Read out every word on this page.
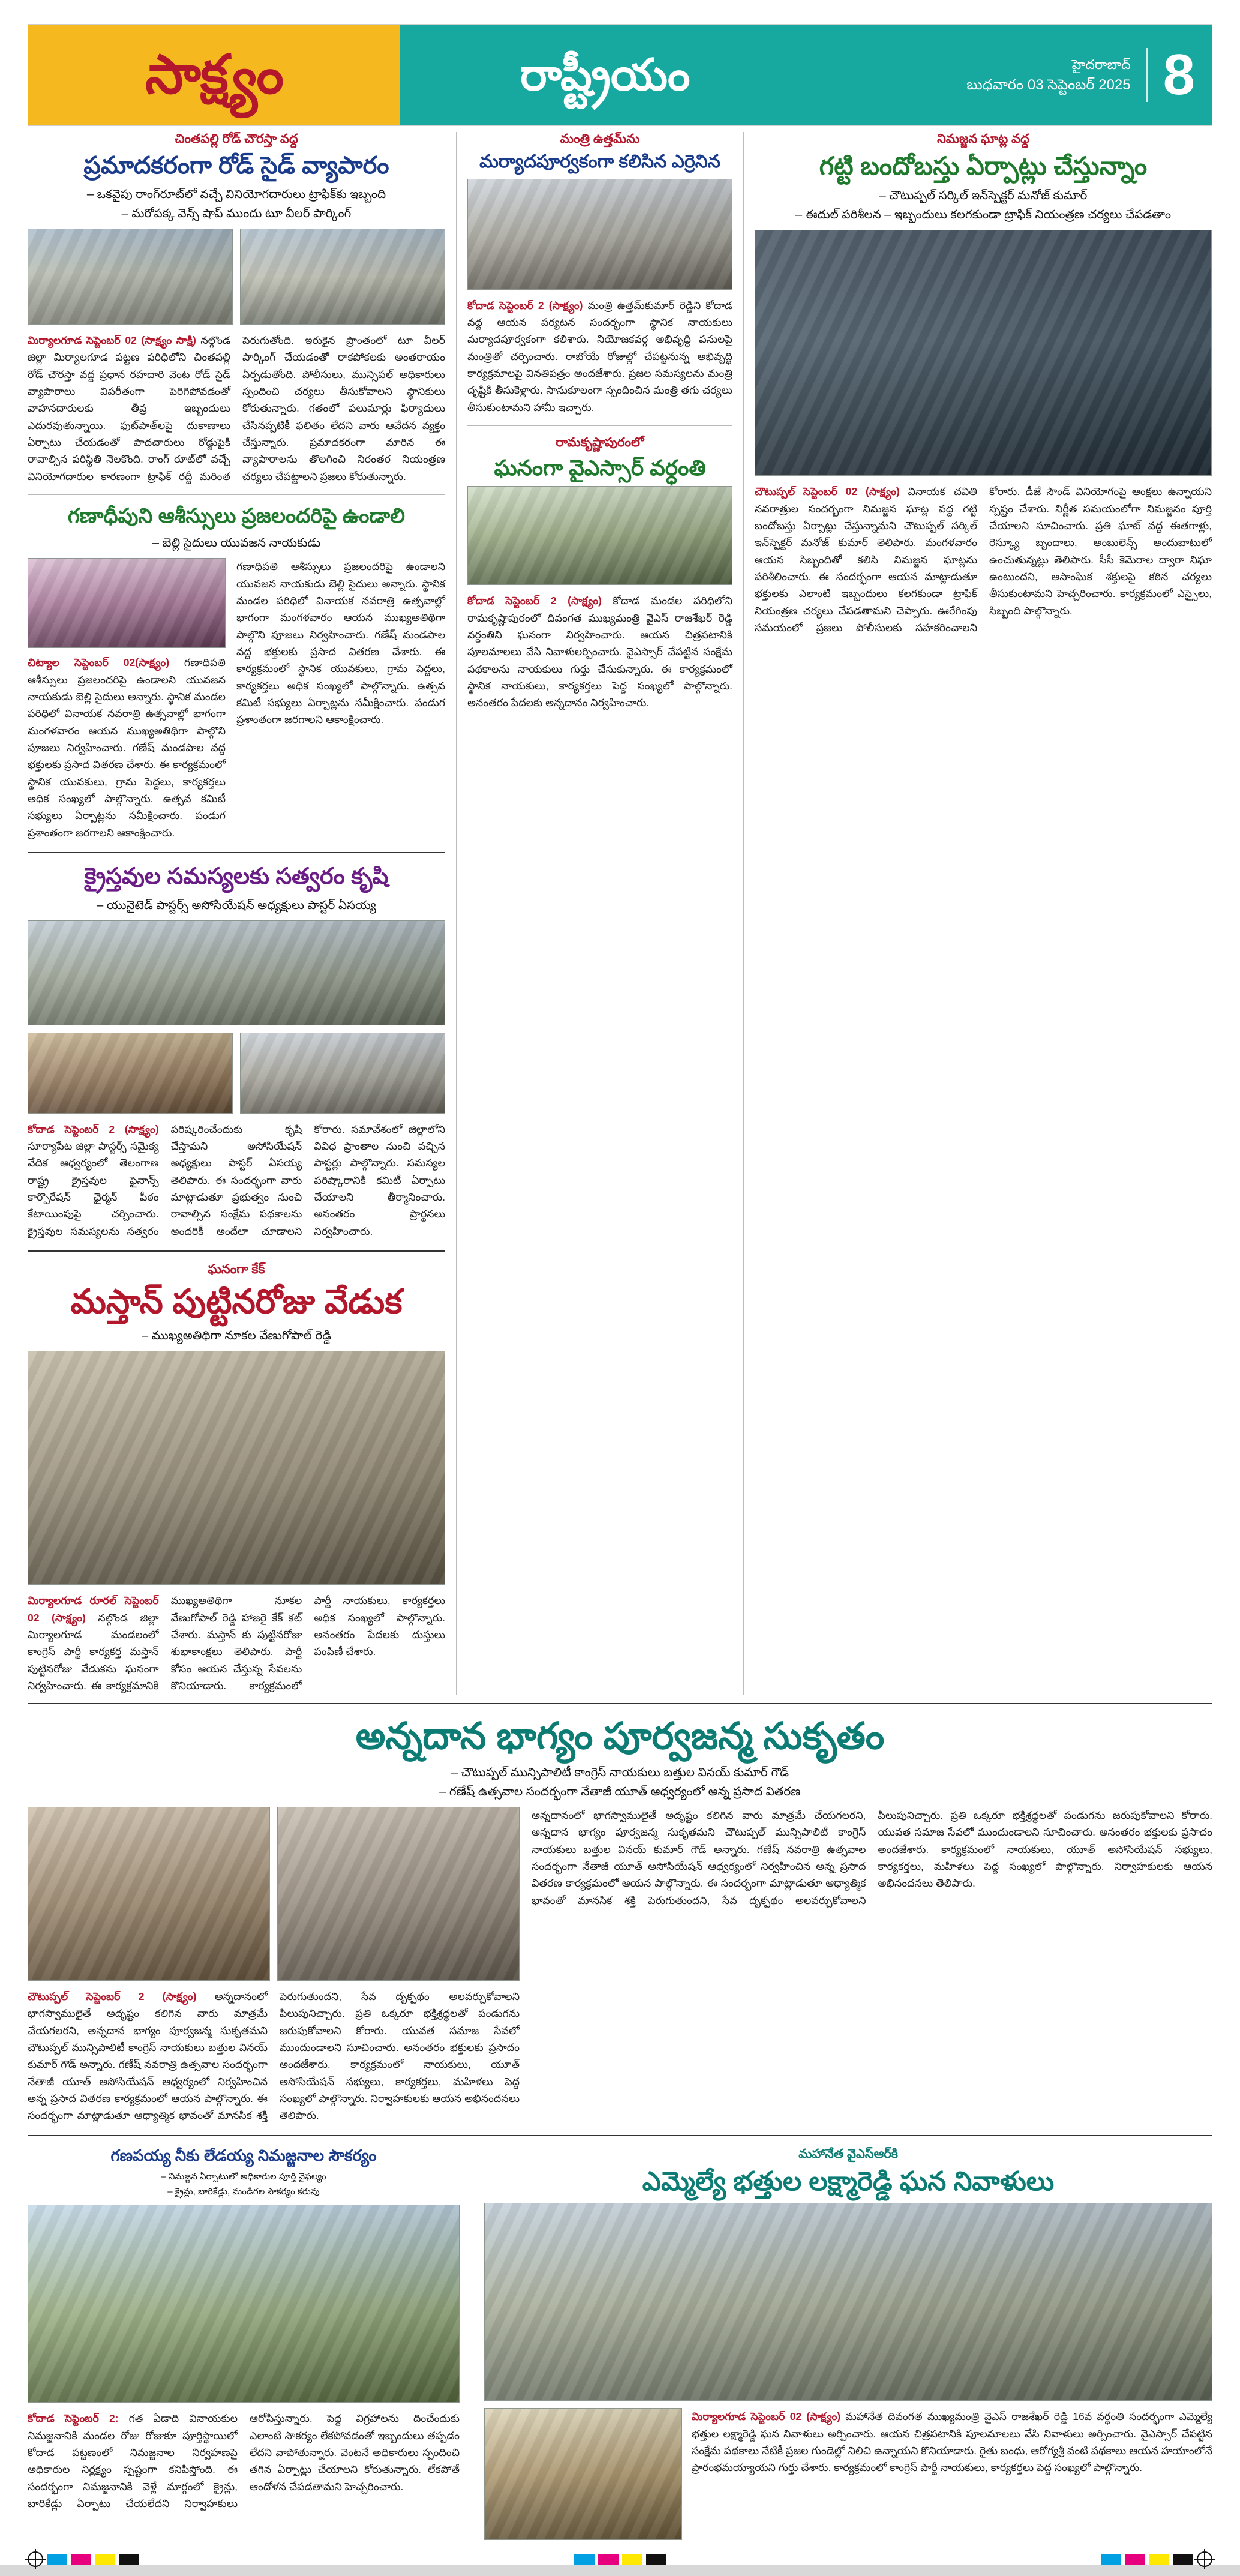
సాక్ష్యం	రాష్ట్రీయం	హైదరాబాద్
బుధవారం 03 సెప్టెంబర్ 2025 8
చింతపల్లి రోడ్ చౌరస్తా వద్ద
ప్రమాదకరంగా రోడ్ సైడ్ వ్యాపారం
– ఒకవైపు రాంగ్‌రూట్‌లో వచ్చే వినియోగదారులు ట్రాఫిక్‌కు ఇబ్బంది
– మరోపక్క వెన్స్ షాప్ ముందు టూ వీలర్ పార్కింగ్
మిర్యాలగూడ సెప్టెంబర్ 02 (సాక్ష్యం సాక్షి) నల్గొండ జిల్లా మిర్యాలగూడ పట్టణ పరిధిలోని చింతపల్లి రోడ్ చౌరస్తా వద్ద ప్రధాన రహదారి వెంట రోడ్ సైడ్ వ్యాపారాలు విపరీతంగా పెరిగిపోవడంతో వాహనదారులకు తీవ్ర ఇబ్బందులు ఎదురవుతున్నాయి. ఫుట్‌పాత్‌లపై దుకాణాలు ఏర్పాటు చేయడంతో పాదచారులు రోడ్డుపైకి రావాల్సిన పరిస్థితి నెలకొంది. రాంగ్ రూట్‌లో వచ్చే వినియోగదారుల కారణంగా ట్రాఫిక్ రద్దీ మరింత పెరుగుతోంది. ఇరుకైన ప్రాంతంలో టూ వీలర్ పార్కింగ్ చేయడంతో రాకపోకలకు అంతరాయం ఏర్పడుతోంది. పోలీసులు, మున్సిపల్ అధికారులు స్పందించి చర్యలు తీసుకోవాలని స్థానికులు కోరుతున్నారు. గతంలో పలుమార్లు ఫిర్యాదులు చేసినప్పటికీ ఫలితం లేదని వారు ఆవేదన వ్యక్తం చేస్తున్నారు. ప్రమాదకరంగా మారిన ఈ వ్యాపారాలను తొలగించి నిరంతర నియంత్రణ చర్యలు చేపట్టాలని ప్రజలు కోరుతున్నారు.
గణాధీపుని ఆశీస్సులు ప్రజలందరిపై ఉండాలి
– బెల్లి సైదులు యువజన నాయకుడు
చిట్యాల సెప్టెంబర్ 02(సాక్ష్యం) గణాధిపతి ఆశీస్సులు ప్రజలందరిపై ఉండాలని యువజన నాయకుడు బెల్లి సైదులు అన్నారు. స్థానిక మండల పరిధిలో వినాయక నవరాత్రి ఉత్సవాల్లో భాగంగా మంగళవారం ఆయన ముఖ్యఅతిథిగా పాల్గొని పూజలు నిర్వహించారు. గణేష్ మండపాల వద్ద భక్తులకు ప్రసాద వితరణ చేశారు. ఈ కార్యక్రమంలో స్థానిక యువకులు, గ్రామ పెద్దలు, కార్యకర్తలు అధిక సంఖ్యలో పాల్గొన్నారు. ఉత్సవ కమిటీ సభ్యులు ఏర్పాట్లను సమీక్షించారు. పండుగ ప్రశాంతంగా జరగాలని ఆకాంక్షించారు.
గణాధిపతి ఆశీస్సులు ప్రజలందరిపై ఉండాలని యువజన నాయకుడు బెల్లి సైదులు అన్నారు. స్థానిక మండల పరిధిలో వినాయక నవరాత్రి ఉత్సవాల్లో భాగంగా మంగళవారం ఆయన ముఖ్యఅతిథిగా పాల్గొని పూజలు నిర్వహించారు. గణేష్ మండపాల వద్ద భక్తులకు ప్రసాద వితరణ చేశారు. ఈ కార్యక్రమంలో స్థానిక యువకులు, గ్రామ పెద్దలు, కార్యకర్తలు అధిక సంఖ్యలో పాల్గొన్నారు. ఉత్సవ కమిటీ సభ్యులు ఏర్పాట్లను సమీక్షించారు. పండుగ ప్రశాంతంగా జరగాలని ఆకాంక్షించారు.
క్రైస్తవుల సమస్యలకు సత్వరం కృషి
– యునైటెడ్ పాస్టర్స్ అసోసియేషన్ అధ్యక్షులు పాస్టర్ ఏసయ్య
కోదాడ సెప్టెంబర్ 2 (సాక్ష్యం) సూర్యాపేట జిల్లా పాస్టర్స్ సమైక్య వేదిక ఆధ్వర్యంలో తెలంగాణ రాష్ట్ర క్రైస్తవుల ఫైనాన్స్ కార్పొరేషన్ ఛైర్మన్ పీఠం కేటాయింపుపై చర్చించారు. క్రైస్తవుల సమస్యలను సత్వరం పరిష్కరించేందుకు కృషి చేస్తామని అసోసియేషన్ అధ్యక్షులు పాస్టర్ ఏసయ్య తెలిపారు. ఈ సందర్భంగా వారు మాట్లాడుతూ ప్రభుత్వం నుంచి రావాల్సిన సంక్షేమ పథకాలను అందరికీ అందేలా చూడాలని కోరారు. సమావేశంలో జిల్లాలోని వివిధ ప్రాంతాల నుంచి వచ్చిన పాస్టర్లు పాల్గొన్నారు. సమస్యల పరిష్కారానికి కమిటీ ఏర్పాటు చేయాలని తీర్మానించారు. అనంతరం ప్రార్థనలు నిర్వహించారు.
ఘనంగా కేక్
మస్తాన్ పుట్టినరోజు వేడుక
– ముఖ్యఅతిథిగా నూకల వేణుగోపాల్ రెడ్డి
మిర్యాలగూడ రూరల్ సెప్టెంబర్ 02 (సాక్ష్యం) నల్గొండ జిల్లా మిర్యాలగూడ మండలంలో కాంగ్రెస్ పార్టీ కార్యకర్త మస్తాన్ పుట్టినరోజు వేడుకను ఘనంగా నిర్వహించారు. ఈ కార్యక్రమానికి ముఖ్యఅతిథిగా నూకల వేణుగోపాల్ రెడ్డి హాజరై కేక్ కట్ చేశారు. మస్తాన్ కు పుట్టినరోజు శుభాకాంక్షలు తెలిపారు. పార్టీ కోసం ఆయన చేస్తున్న సేవలను కొనియాడారు. కార్యక్రమంలో పార్టీ నాయకులు, కార్యకర్తలు అధిక సంఖ్యలో పాల్గొన్నారు. అనంతరం పేదలకు దుస్తులు పంపిణీ చేశారు.
మంత్రి ఉత్తమ్‌ను
మర్యాదపూర్వకంగా కలిసిన ఎర్రెనిన
కోదాడ సెప్టెంబర్ 2 (సాక్ష్యం) మంత్రి ఉత్తమ్‌కుమార్ రెడ్డిని కోదాడ వద్ద ఆయన పర్యటన సందర్భంగా స్థానిక నాయకులు మర్యాదపూర్వకంగా కలిశారు. నియోజకవర్గ అభివృద్ధి పనులపై మంత్రితో చర్చించారు. రాబోయే రోజుల్లో చేపట్టనున్న అభివృద్ధి కార్యక్రమాలపై వినతిపత్రం అందజేశారు. ప్రజల సమస్యలను మంత్రి దృష్టికి తీసుకెళ్లారు. సానుకూలంగా స్పందించిన మంత్రి తగు చర్యలు తీసుకుంటామని హామీ ఇచ్చారు.
రామకృష్ణాపురంలో
ఘనంగా వైఎస్సార్ వర్ధంతి
కోదాడ సెప్టెంబర్ 2 (సాక్ష్యం) కోదాడ మండల పరిధిలోని రామకృష్ణాపురంలో దివంగత ముఖ్యమంత్రి వైఎస్ రాజశేఖర్ రెడ్డి వర్ధంతిని ఘనంగా నిర్వహించారు. ఆయన చిత్రపటానికి పూలమాలలు వేసి నివాళులర్పించారు. వైఎస్సార్ చేపట్టిన సంక్షేమ పథకాలను నాయకులు గుర్తు చేసుకున్నారు. ఈ కార్యక్రమంలో స్థానిక నాయకులు, కార్యకర్తలు పెద్ద సంఖ్యలో పాల్గొన్నారు. అనంతరం పేదలకు అన్నదానం నిర్వహించారు.
నిమజ్జన ఘాట్ల వద్ద
గట్టి బందోబస్తు ఏర్పాట్లు చేస్తున్నాం
– చౌటుప్పల్ సర్కిల్ ఇన్‌స్పెక్టర్ మనోజ్ కుమార్
– ఈదుల్ పరిశీలన – ఇబ్బందులు కలగకుండా ట్రాఫిక్ నియంత్రణ చర్యలు చేపడతాం
చౌటుప్పల్ సెప్టెంబర్ 02 (సాక్ష్యం) వినాయక చవితి నవరాత్రుల సందర్భంగా నిమజ్జన ఘాట్ల వద్ద గట్టి బందోబస్తు ఏర్పాట్లు చేస్తున్నామని చౌటుప్పల్ సర్కిల్ ఇన్‌స్పెక్టర్ మనోజ్ కుమార్ తెలిపారు. మంగళవారం ఆయన సిబ్బందితో కలిసి నిమజ్జన ఘాట్లను పరిశీలించారు. ఈ సందర్భంగా ఆయన మాట్లాడుతూ భక్తులకు ఎలాంటి ఇబ్బందులు కలగకుండా ట్రాఫిక్ నియంత్రణ చర్యలు చేపడతామని చెప్పారు. ఊరేగింపు సమయంలో ప్రజలు పోలీసులకు సహకరించాలని కోరారు. డీజే సౌండ్ వినియోగంపై ఆంక్షలు ఉన్నాయని స్పష్టం చేశారు. నిర్ణీత సమయంలోగా నిమజ్జనం పూర్తి చేయాలని సూచించారు. ప్రతి ఘాట్ వద్ద ఈతగాళ్లు, రెస్క్యూ బృందాలు, అంబులెన్స్ అందుబాటులో ఉంచుతున్నట్లు తెలిపారు. సీసీ కెమెరాల ద్వారా నిఘా ఉంటుందని, అసాంఘిక శక్తులపై కఠిన చర్యలు తీసుకుంటామని హెచ్చరించారు. కార్యక్రమంలో ఎస్సైలు, సిబ్బంది పాల్గొన్నారు.
అన్నదాన భాగ్యం పూర్వజన్మ సుకృతం
– చౌటుప్పల్ మున్సిపాలిటీ కాంగ్రెస్ నాయకులు బత్తుల వినయ్ కుమార్ గౌడ్
– గణేష్ ఉత్సవాల సందర్భంగా నేతాజీ యూత్ ఆధ్వర్యంలో అన్న ప్రసాద వితరణ
చౌటుప్పల్ సెప్టెంబర్ 2 (సాక్ష్యం) అన్నదానంలో భాగస్వాములైతే అదృష్టం కలిగిన వారు మాత్రమే చేయగలరని, అన్నదాన భాగ్యం పూర్వజన్మ సుకృతమని చౌటుప్పల్ మున్సిపాలిటీ కాంగ్రెస్ నాయకులు బత్తుల వినయ్ కుమార్ గౌడ్ అన్నారు. గణేష్ నవరాత్రి ఉత్సవాల సందర్భంగా నేతాజీ యూత్ అసోసియేషన్ ఆధ్వర్యంలో నిర్వహించిన అన్న ప్రసాద వితరణ కార్యక్రమంలో ఆయన పాల్గొన్నారు. ఈ సందర్భంగా మాట్లాడుతూ ఆధ్యాత్మిక భావంతో మానసిక శక్తి పెరుగుతుందని, సేవ దృక్పథం అలవర్చుకోవాలని పిలుపునిచ్చారు. ప్రతి ఒక్కరూ భక్తిశ్రద్ధలతో పండుగను జరుపుకోవాలని కోరారు. యువత సమాజ సేవలో ముందుండాలని సూచించారు. అనంతరం భక్తులకు ప్రసాదం అందజేశారు. కార్యక్రమంలో నాయకులు, యూత్ అసోసియేషన్ సభ్యులు, కార్యకర్తలు, మహిళలు పెద్ద సంఖ్యలో పాల్గొన్నారు. నిర్వాహకులకు ఆయన అభినందనలు తెలిపారు.
అన్నదానంలో భాగస్వాములైతే అదృష్టం కలిగిన వారు మాత్రమే చేయగలరని, అన్నదాన భాగ్యం పూర్వజన్మ సుకృతమని చౌటుప్పల్ మున్సిపాలిటీ కాంగ్రెస్ నాయకులు బత్తుల వినయ్ కుమార్ గౌడ్ అన్నారు. గణేష్ నవరాత్రి ఉత్సవాల సందర్భంగా నేతాజీ యూత్ అసోసియేషన్ ఆధ్వర్యంలో నిర్వహించిన అన్న ప్రసాద వితరణ కార్యక్రమంలో ఆయన పాల్గొన్నారు. ఈ సందర్భంగా మాట్లాడుతూ ఆధ్యాత్మిక భావంతో మానసిక శక్తి పెరుగుతుందని, సేవ దృక్పథం అలవర్చుకోవాలని పిలుపునిచ్చారు. ప్రతి ఒక్కరూ భక్తిశ్రద్ధలతో పండుగను జరుపుకోవాలని కోరారు. యువత సమాజ సేవలో ముందుండాలని సూచించారు. అనంతరం భక్తులకు ప్రసాదం అందజేశారు. కార్యక్రమంలో నాయకులు, యూత్ అసోసియేషన్ సభ్యులు, కార్యకర్తలు, మహిళలు పెద్ద సంఖ్యలో పాల్గొన్నారు. నిర్వాహకులకు ఆయన అభినందనలు తెలిపారు.
గణపయ్య నీకు లేడయ్య నిమజ్జనాల సౌకర్యం
– నిమజ్జన ఏర్పాటులో అధికారుల పూర్తి వైఫల్యం
– క్రైన్లు, బారికేడ్లు, మండిగల సౌకర్యం కరువు
కోదాడ సెప్టెంబర్ 2: గత ఏడాది వినాయకుల నిమజ్జనానికి మండల రోజు రోజుకూ పూర్తిస్థాయిలో కోదాడ పట్టణంలో నిమజ్జనాల నిర్వహణపై అధికారుల నిర్లక్ష్యం స్పష్టంగా కనిపిస్తోంది. ఈ సందర్భంగా నిమజ్జనానికి వెళ్లే మార్గంలో క్రైన్లు, బారికేడ్లు ఏర్పాటు చేయలేదని నిర్వాహకులు ఆరోపిస్తున్నారు. పెద్ద విగ్రహాలను దించేందుకు ఎలాంటి సౌకర్యం లేకపోవడంతో ఇబ్బందులు తప్పడం లేదని వాపోతున్నారు. వెంటనే అధికారులు స్పందించి తగిన ఏర్పాట్లు చేయాలని కోరుతున్నారు. లేకపోతే ఆందోళన చేపడతామని హెచ్చరించారు.
మహానేత వైఎస్‌ఆర్‌కి
ఎమ్మెల్యే భత్తుల లక్ష్మారెడ్డి ఘన నివాళులు
మిర్యాలగూడ సెప్టెంబర్ 02 (సాక్ష్యం) మహానేత దివంగత ముఖ్యమంత్రి వైఎస్ రాజశేఖర్ రెడ్డి 16వ వర్ధంతి సందర్భంగా ఎమ్మెల్యే భత్తుల లక్ష్మారెడ్డి ఘన నివాళులు అర్పించారు. ఆయన చిత్రపటానికి పూలమాలలు వేసి నివాళులు అర్పించారు. వైఎస్సార్ చేపట్టిన సంక్షేమ పథకాలు నేటికీ ప్రజల గుండెల్లో నిలిచి ఉన్నాయని కొనియాడారు. రైతు బంధు, ఆరోగ్యశ్రీ వంటి పథకాలు ఆయన హయాంలోనే ప్రారంభమయ్యాయని గుర్తు చేశారు. కార్యక్రమంలో కాంగ్రెస్ పార్టీ నాయకులు, కార్యకర్తలు పెద్ద సంఖ్యలో పాల్గొన్నారు.
